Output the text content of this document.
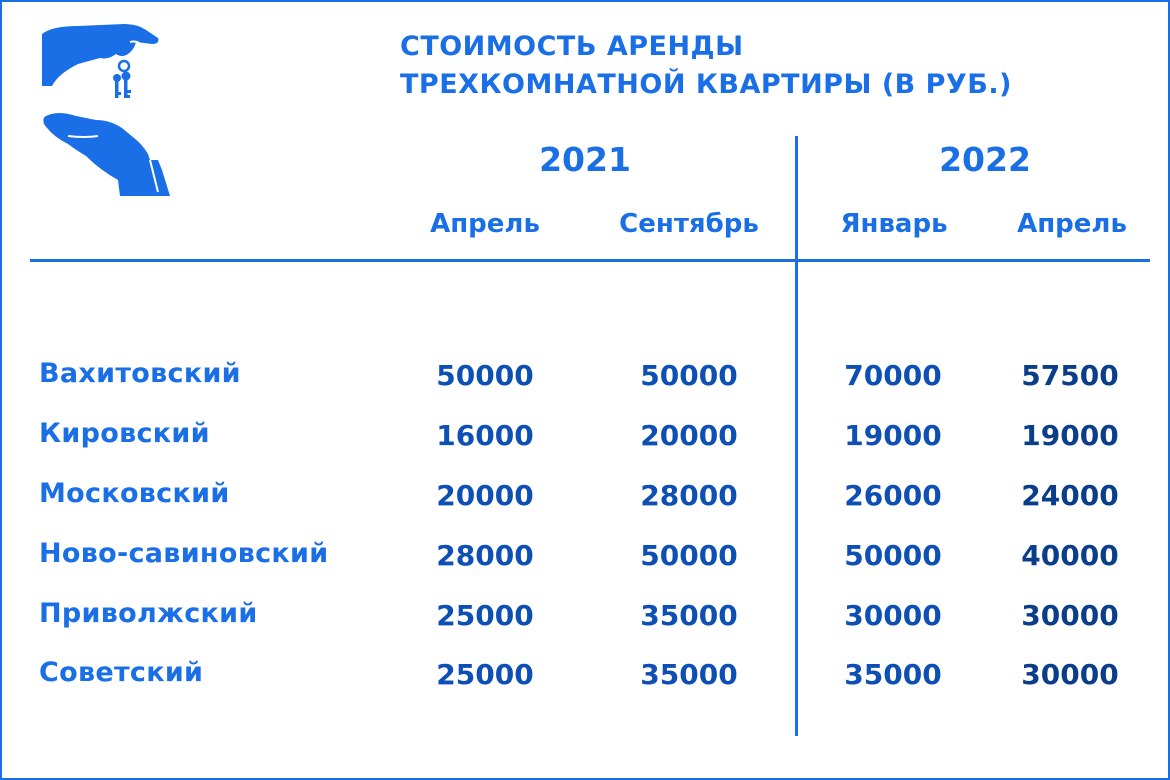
СТОИМОСТЬ АРЕНДЫ
ТРЕХКОМНАТНОЙ КВАРТИРЫ (В РУБ.)
2021	2022
Апрель	Сентябрь	Январь	Апрель
Вахитовский	50000	50000	70000	57500
Кировский	16000	20000	19000	19000
Московский	20000	28000	26000	24000
Ново-савиновский	28000	50000	50000	40000
Приволжский	25000	35000	30000	30000
Советский	25000	35000	35000	30000
